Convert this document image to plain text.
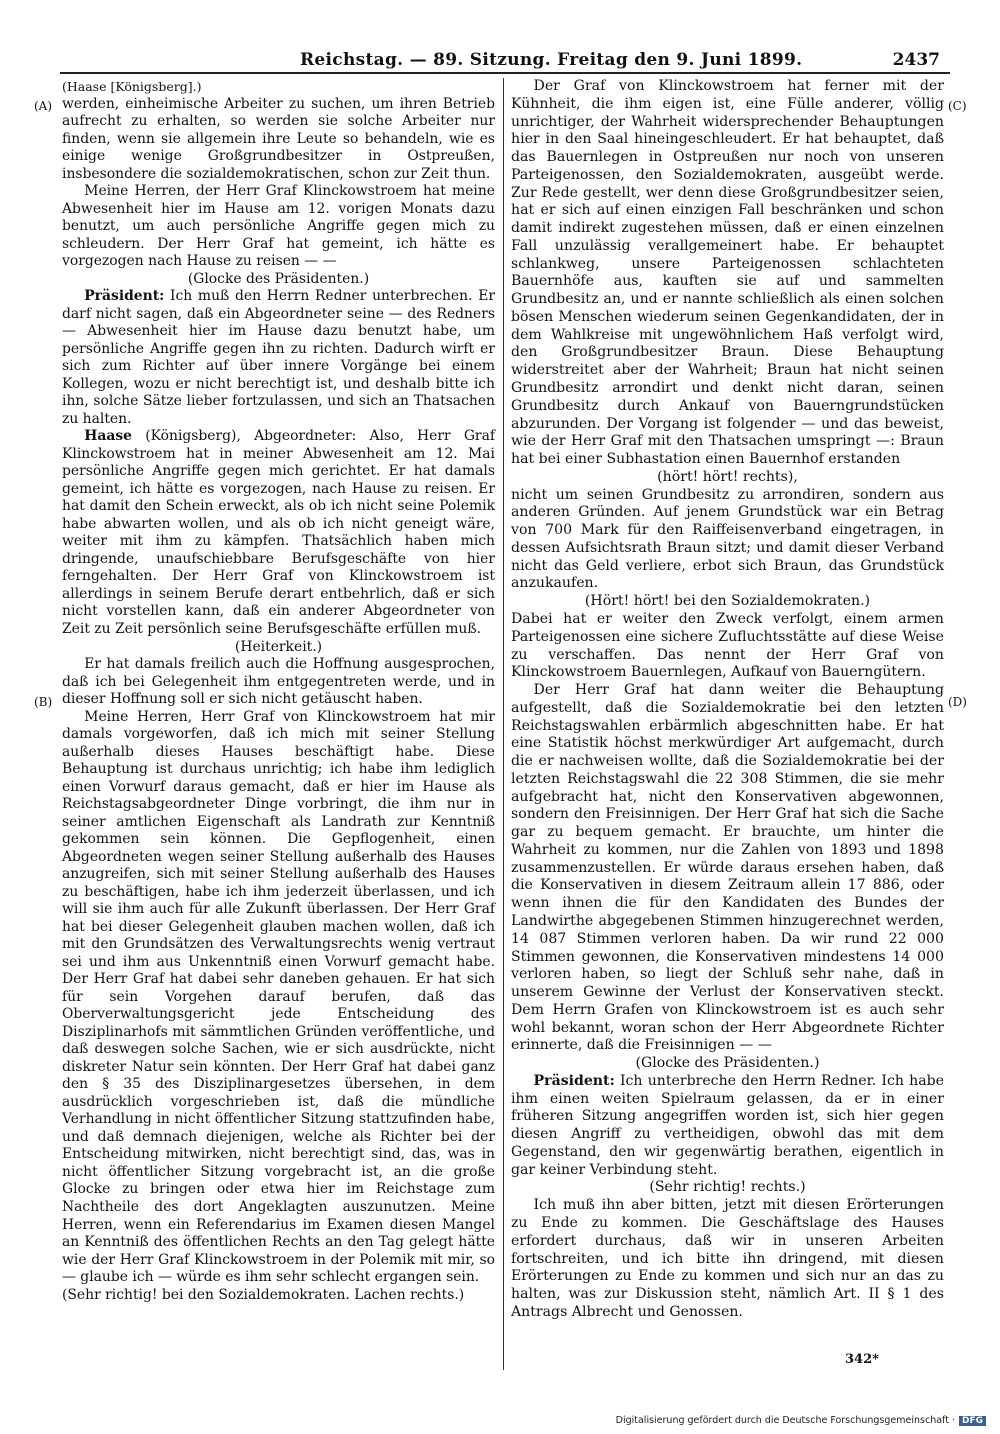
Reichstag. — 89. Sitzung. Freitag den 9. Juni 1899.	2437
(A)
(B)
(C)
(D)

(Haase [Königsberg].)

werden, einheimische Arbeiter zu suchen, um ihren Betrieb aufrecht zu erhalten, so werden sie solche Arbeiter nur finden, wenn sie allgemein ihre Leute so behandeln, wie es einige wenige Großgrundbesitzer in Ostpreußen, insbesondere die sozialdemokratischen, schon zur Zeit thun.

Meine Herren, der Herr Graf Klinckowstroem hat meine Abwesenheit hier im Hause am 12. vorigen Monats dazu benutzt, um auch persönliche Angriffe gegen mich zu schleudern. Der Herr Graf hat gemeint, ich hätte es vorgezogen nach Hause zu reisen — —

(Glocke des Präsidenten.)

Präsident: Ich muß den Herrn Redner unterbrechen. Er darf nicht sagen, daß ein Abgeordneter seine — des Redners — Abwesenheit hier im Hause dazu benutzt habe, um persönliche Angriffe gegen ihn zu richten. Dadurch wirft er sich zum Richter auf über innere Vorgänge bei einem Kollegen, wozu er nicht berechtigt ist, und deshalb bitte ich ihn, solche Sätze lieber fortzulassen, und sich an Thatsachen zu halten.

Haase (Königsberg), Abgeordneter: Also, Herr Graf Klinckowstroem hat in meiner Abwesenheit am 12. Mai persönliche Angriffe gegen mich gerichtet. Er hat damals gemeint, ich hätte es vorgezogen, nach Hause zu reisen. Er hat damit den Schein erweckt, als ob ich nicht seine Polemik habe abwarten wollen, und als ob ich nicht geneigt wäre, weiter mit ihm zu kämpfen. Thatsächlich haben mich dringende, unaufschiebbare Berufsgeschäfte von hier ferngehalten. Der Herr Graf von Klinckowstroem ist allerdings in seinem Berufe derart entbehrlich, daß er sich nicht vorstellen kann, daß ein anderer Abgeordneter von Zeit zu Zeit persönlich seine Berufsgeschäfte erfüllen muß.

(Heiterkeit.)

Er hat damals freilich auch die Hoffnung ausgesprochen, daß ich bei Gelegenheit ihm entgegentreten werde, und in dieser Hoffnung soll er sich nicht getäuscht haben.

Meine Herren, Herr Graf von Klinckowstroem hat mir damals vorgeworfen, daß ich mich mit seiner Stellung außerhalb dieses Hauses beschäftigt habe. Diese Behauptung ist durchaus unrichtig; ich habe ihm lediglich einen Vorwurf daraus gemacht, daß er hier im Hause als Reichstagsabgeordneter Dinge vorbringt, die ihm nur in seiner amtlichen Eigenschaft als Landrath zur Kenntniß gekommen sein können. Die Gepflogenheit, einen Abgeordneten wegen seiner Stellung außerhalb des Hauses anzugreifen, sich mit seiner Stellung außerhalb des Hauses zu beschäftigen, habe ich ihm jederzeit überlassen, und ich will sie ihm auch für alle Zukunft überlassen. Der Herr Graf hat bei dieser Gelegenheit glauben machen wollen, daß ich mit den Grundsätzen des Verwaltungsrechts wenig vertraut sei und ihm aus Unkenntniß einen Vorwurf gemacht habe. Der Herr Graf hat dabei sehr daneben gehauen. Er hat sich für sein Vorgehen darauf berufen, daß das Oberverwaltungsgericht jede Entscheidung des Disziplinarhofs mit sämmtlichen Gründen veröffentliche, und daß deswegen solche Sachen, wie er sich ausdrückte, nicht diskreter Natur sein könnten. Der Herr Graf hat dabei ganz den § 35 des Disziplinargesetzes übersehen, in dem ausdrücklich vorgeschrieben ist, daß die mündliche Verhandlung in nicht öffentlicher Sitzung stattzufinden habe, und daß demnach diejenigen, welche als Richter bei der Entscheidung mitwirken, nicht berechtigt sind, das, was in nicht öffentlicher Sitzung vorgebracht ist, an die große Glocke zu bringen oder etwa hier im Reichstage zum Nachtheile des dort Angeklagten auszunutzen. Meine Herren, wenn ein Referendarius im Examen diesen Mangel an Kenntniß des öffentlichen Rechts an den Tag gelegt hätte wie der Herr Graf Klinckowstroem in der Polemik mit mir, so — glaube ich — würde es ihm sehr schlecht ergangen sein.

(Sehr richtig! bei den Sozialdemokraten. Lachen rechts.)

Der Graf von Klinckowstroem hat ferner mit der Kühnheit, die ihm eigen ist, eine Fülle anderer, völlig unrichtiger, der Wahrheit widersprechender Behauptungen hier in den Saal hineingeschleudert. Er hat behauptet, daß das Bauernlegen in Ostpreußen nur noch von unseren Parteigenossen, den Sozialdemokraten, ausgeübt werde. Zur Rede gestellt, wer denn diese Großgrundbesitzer seien, hat er sich auf einen einzigen Fall beschränken und schon damit indirekt zugestehen müssen, daß er einen einzelnen Fall unzulässig verallgemeinert habe. Er behauptet schlankweg, unsere Parteigenossen schlachteten Bauernhöfe aus, kauften sie auf und sammelten Grundbesitz an, und er nannte schließlich als einen solchen bösen Menschen wiederum seinen Gegenkandidaten, der in dem Wahlkreise mit ungewöhnlichem Haß verfolgt wird, den Großgrundbesitzer Braun. Diese Behauptung widerstreitet aber der Wahrheit; Braun hat nicht seinen Grundbesitz arrondirt und denkt nicht daran, seinen Grundbesitz durch Ankauf von Bauerngrundstücken abzurunden. Der Vorgang ist folgender — und das beweist, wie der Herr Graf mit den Thatsachen umspringt —: Braun hat bei einer Subhastation einen Bauernhof erstanden

(hört! hört! rechts),

nicht um seinen Grundbesitz zu arrondiren, sondern aus anderen Gründen. Auf jenem Grundstück war ein Betrag von 700 Mark für den Raiffeisenverband eingetragen, in dessen Aufsichtsrath Braun sitzt; und damit dieser Verband nicht das Geld verliere, erbot sich Braun, das Grundstück anzukaufen.

(Hört! hört! bei den Sozialdemokraten.)

Dabei hat er weiter den Zweck verfolgt, einem armen Parteigenossen eine sichere Zufluchtsstätte auf diese Weise zu verschaffen. Das nennt der Herr Graf von Klinckowstroem Bauernlegen, Aufkauf von Bauerngütern.

Der Herr Graf hat dann weiter die Behauptung aufgestellt, daß die Sozialdemokratie bei den letzten Reichstagswahlen erbärmlich abgeschnitten habe. Er hat eine Statistik höchst merkwürdiger Art aufgemacht, durch die er nachweisen wollte, daß die Sozialdemokratie bei der letzten Reichstagswahl die 22 308 Stimmen, die sie mehr aufgebracht hat, nicht den Konservativen abgewonnen, sondern den Freisinnigen. Der Herr Graf hat sich die Sache gar zu bequem gemacht. Er brauchte, um hinter die Wahrheit zu kommen, nur die Zahlen von 1893 und 1898 zusammenzustellen. Er würde daraus ersehen haben, daß die Konservativen in diesem Zeitraum allein 17 886, oder wenn ihnen die für den Kandidaten des Bundes der Landwirthe abgegebenen Stimmen hinzugerechnet werden, 14 087 Stimmen verloren haben. Da wir rund 22 000 Stimmen gewonnen, die Konservativen mindestens 14 000 verloren haben, so liegt der Schluß sehr nahe, daß in unserem Gewinne der Verlust der Konservativen steckt. Dem Herrn Grafen von Klinckowstroem ist es auch sehr wohl bekannt, woran schon der Herr Abgeordnete Richter erinnerte, daß die Freisinnigen — —

(Glocke des Präsidenten.)

Präsident: Ich unterbreche den Herrn Redner. Ich habe ihm einen weiten Spielraum gelassen, da er in einer früheren Sitzung angegriffen worden ist, sich hier gegen diesen Angriff zu vertheidigen, obwohl das mit dem Gegenstand, den wir gegenwärtig berathen, eigentlich in gar keiner Verbindung steht.

(Sehr richtig! rechts.)

Ich muß ihn aber bitten, jetzt mit diesen Erörterungen zu Ende zu kommen. Die Geschäftslage des Hauses erfordert durchaus, daß wir in unseren Arbeiten fortschreiten, und ich bitte ihn dringend, mit diesen Erörterungen zu Ende zu kommen und sich nur an das zu halten, was zur Diskussion steht, nämlich Art. II § 1 des Antrags Albrecht und Genossen.

342*
Digitalisierung gefördert durch die Deutsche Forschungsgemeinschaft · DFG
